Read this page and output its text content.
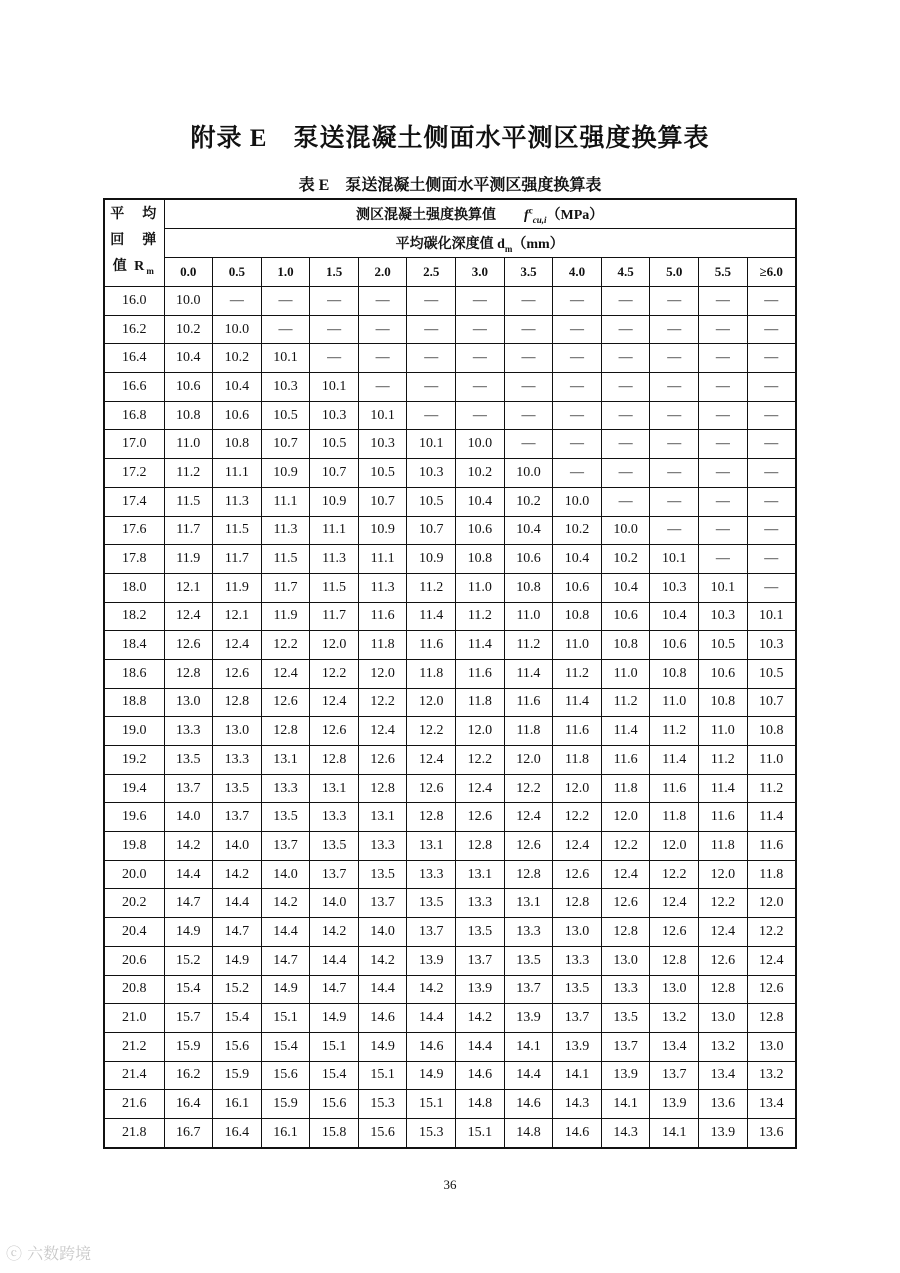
附录 E　泵送混凝土侧面水平测区强度换算表
表 E　泵送混凝土侧面水平测区强度换算表
平　均
回　弹
值 $R_m$	测区混凝土强度换算值　　$f^c_{cu,i}(MPa)$												
	平均碳化深度值 $d_m(mm)$												
	0.0	0.5	1.0	1.5	2.0	2.5	3.0	3.5	4.0	4.5	5.0	5.5	≥6.0
16.0	10.0	—	—	—	—	—	—	—	—	—	—	—	—
16.2	10.2	10.0	—	—	—	—	—	—	—	—	—	—	—
16.4	10.4	10.2	10.1	—	—	—	—	—	—	—	—	—	—
16.6	10.6	10.4	10.3	10.1	—	—	—	—	—	—	—	—	—
16.8	10.8	10.6	10.5	10.3	10.1	—	—	—	—	—	—	—	—
17.0	11.0	10.8	10.7	10.5	10.3	10.1	10.0	—	—	—	—	—	—
17.2	11.2	11.1	10.9	10.7	10.5	10.3	10.2	10.0	—	—	—	—	—
17.4	11.5	11.3	11.1	10.9	10.7	10.5	10.4	10.2	10.0	—	—	—	—
17.6	11.7	11.5	11.3	11.1	10.9	10.7	10.6	10.4	10.2	10.0	—	—	—
17.8	11.9	11.7	11.5	11.3	11.1	10.9	10.8	10.6	10.4	10.2	10.1	—	—
18.0	12.1	11.9	11.7	11.5	11.3	11.2	11.0	10.8	10.6	10.4	10.3	10.1	—
18.2	12.4	12.1	11.9	11.7	11.6	11.4	11.2	11.0	10.8	10.6	10.4	10.3	10.1
18.4	12.6	12.4	12.2	12.0	11.8	11.6	11.4	11.2	11.0	10.8	10.6	10.5	10.3
18.6	12.8	12.6	12.4	12.2	12.0	11.8	11.6	11.4	11.2	11.0	10.8	10.6	10.5
18.8	13.0	12.8	12.6	12.4	12.2	12.0	11.8	11.6	11.4	11.2	11.0	10.8	10.7
19.0	13.3	13.0	12.8	12.6	12.4	12.2	12.0	11.8	11.6	11.4	11.2	11.0	10.8
19.2	13.5	13.3	13.1	12.8	12.6	12.4	12.2	12.0	11.8	11.6	11.4	11.2	11.0
19.4	13.7	13.5	13.3	13.1	12.8	12.6	12.4	12.2	12.0	11.8	11.6	11.4	11.2
19.6	14.0	13.7	13.5	13.3	13.1	12.8	12.6	12.4	12.2	12.0	11.8	11.6	11.4
19.8	14.2	14.0	13.7	13.5	13.3	13.1	12.8	12.6	12.4	12.2	12.0	11.8	11.6
20.0	14.4	14.2	14.0	13.7	13.5	13.3	13.1	12.8	12.6	12.4	12.2	12.0	11.8
20.2	14.7	14.4	14.2	14.0	13.7	13.5	13.3	13.1	12.8	12.6	12.4	12.2	12.0
20.4	14.9	14.7	14.4	14.2	14.0	13.7	13.5	13.3	13.0	12.8	12.6	12.4	12.2
20.6	15.2	14.9	14.7	14.4	14.2	13.9	13.7	13.5	13.3	13.0	12.8	12.6	12.4
20.8	15.4	15.2	14.9	14.7	14.4	14.2	13.9	13.7	13.5	13.3	13.0	12.8	12.6
21.0	15.7	15.4	15.1	14.9	14.6	14.4	14.2	13.9	13.7	13.5	13.2	13.0	12.8
21.2	15.9	15.6	15.4	15.1	14.9	14.6	14.4	14.1	13.9	13.7	13.4	13.2	13.0
21.4	16.2	15.9	15.6	15.4	15.1	14.9	14.6	14.4	14.1	13.9	13.7	13.4	13.2
21.6	16.4	16.1	15.9	15.6	15.3	15.1	14.8	14.6	14.3	14.1	13.9	13.6	13.4
21.8	16.7	16.4	16.1	15.8	15.6	15.3	15.1	14.8	14.6	14.3	14.1	13.9	13.6
36
ⓒ 六数跨境
